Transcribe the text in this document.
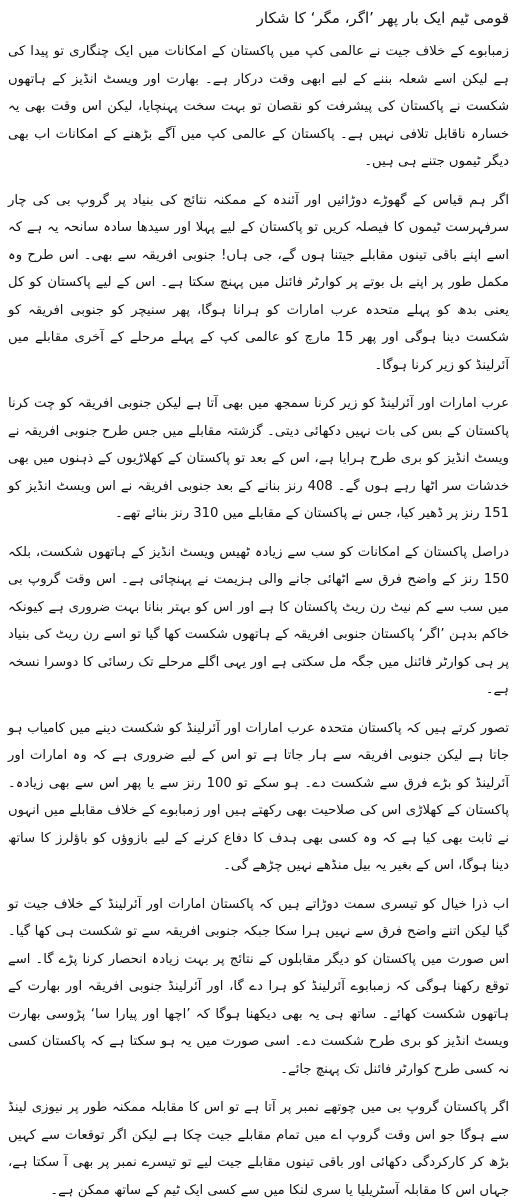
قومی ٹیم ایک بار پھر ’اگر، مگر‘ کا شکار

زمبابوے کے خلاف جیت نے عالمی کپ میں پاکستان کے امکانات میں ایک چنگاری تو پیدا کی ہے لیکن اسے شعلہ بننے کے لیے ابھی وقت درکار ہے۔ بھارت اور ویسٹ انڈیز کے ہاتھوں شکست نے پاکستان کی پیشرفت کو نقصان تو بہت سخت پہنچایا، لیکن اس وقت بھی یہ خسارہ ناقابل تلافی نہیں ہے۔ پاکستان کے عالمی کپ میں آگے بڑھنے کے امکانات اب بھی دیگر ٹیموں جتنے ہی ہیں۔

اگر ہم قیاس کے گھوڑے دوڑائیں اور آئندہ کے ممکنہ نتائج کی بنیاد پر گروپ بی کی چار سرفہرست ٹیموں کا فیصلہ کریں تو پاکستان کے لیے پہلا اور سیدھا سادہ سانحہ یہ ہے کہ اسے اپنے باقی تینوں مقابلے جیتنا ہوں گے، جی ہاں! جنوبی افریقہ سے بھی۔ اس طرح وہ مکمل طور پر اپنے بل بوتے پر کوارٹر فائنل میں پہنچ سکتا ہے۔ اس کے لیے پاکستان کو کل یعنی بدھ کو پہلے متحدہ عرب امارات کو ہرانا ہوگا، پھر سنیچر کو جنوبی افریقہ کو شکست دینا ہوگی اور پھر 15 مارچ کو عالمی کپ کے پہلے مرحلے کے آخری مقابلے میں آئرلینڈ کو زیر کرنا ہوگا۔

عرب امارات اور آئرلینڈ کو زیر کرنا سمجھ میں بھی آتا ہے لیکن جنوبی افریقہ کو چت کرنا پاکستان کے بس کی بات نہیں دکھائی دیتی۔ گزشتہ مقابلے میں جس طرح جنوبی افریقہ نے ویسٹ انڈیز کو بری طرح ہرایا ہے، اس کے بعد تو پاکستان کے کھلاڑیوں کے ذہنوں میں بھی خدشات سر اٹھا رہے ہوں گے۔ 408 رنز بنانے کے بعد جنوبی افریقہ نے اس ویسٹ انڈیز کو 151 رنز پر ڈھیر کیا، جس نے پاکستان کے مقابلے میں 310 رنز بنائے تھے۔

دراصل پاکستان کے امکانات کو سب سے زیادہ ٹھیس ویسٹ انڈیز کے ہاتھوں شکست، بلکہ 150 رنز کے واضح فرق سے اٹھائی جانے والی ہزیمت نے پہنچائی ہے۔ اس وقت گروپ بی میں سب سے کم نیٹ رن ریٹ پاکستان کا ہے اور اس کو بہتر بنانا بہت ضروری ہے کیونکہ خاکم بدہن ’اگر‘ پاکستان جنوبی افریقہ کے ہاتھوں شکست کھا گیا تو اسے رن ریٹ کی بنیاد پر ہی کوارٹر فائنل میں جگہ مل سکتی ہے اور یہی اگلے مرحلے تک رسائی کا دوسرا نسخہ ہے۔

تصور کرتے ہیں کہ پاکستان متحدہ عرب امارات اور آئرلینڈ کو شکست دینے میں کامیاب ہو جاتا ہے لیکن جنوبی افریقہ سے ہار جاتا ہے تو اس کے لیے ضروری ہے کہ وہ امارات اور آئرلینڈ کو بڑے فرق سے شکست دے۔ ہو سکے تو 100 رنز سے یا پھر اس سے بھی زیادہ۔ پاکستان کے کھلاڑی اس کی صلاحیت بھی رکھتے ہیں اور زمبابوے کے خلاف مقابلے میں انہوں نے ثابت بھی کیا ہے کہ وہ کسی بھی ہدف کا دفاع کرنے کے لیے بازوؤں کو باؤلرز کا ساتھ دینا ہوگا، اس کے بغیر یہ بیل منڈھے نہیں چڑھے گی۔

اب ذرا خیال کو تیسری سمت دوڑاتے ہیں کہ پاکستان امارات اور آئرلینڈ کے خلاف جیت تو گیا لیکن اتنے واضح فرق سے نہیں ہرا سکا جبکہ جنوبی افریقہ سے تو شکست ہی کھا گیا۔ اس صورت میں پاکستان کو دیگر مقابلوں کے نتائج پر بہت زیادہ انحصار کرنا پڑے گا۔ اسے توقع رکھنا ہوگی کہ زمبابوے آئرلینڈ کو ہرا دے گا، اور آئرلینڈ جنوبی افریقہ اور بھارت کے ہاتھوں شکست کھائے۔ ساتھ ہی یہ بھی دیکھنا ہوگا کہ ’اچھا اور پیارا سا‘ پڑوسی بھارت ویسٹ انڈیز کو بری طرح شکست دے۔ اسی صورت میں یہ ہو سکتا ہے کہ پاکستان کسی نہ کسی طرح کوارٹر فائنل تک پہنچ جائے۔

اگر پاکستان گروپ بی میں چوتھے نمبر پر آتا ہے تو اس کا مقابلہ ممکنہ طور پر نیوزی لینڈ سے ہوگا جو اس وقت گروپ اے میں تمام مقابلے جیت چکا ہے لیکن اگر توقعات سے کہیں بڑھ کر کارکردگی دکھائی اور باقی تینوں مقابلے جیت لیے تو تیسرے نمبر پر بھی آ سکتا ہے، جہاں اس کا مقابلہ آسٹریلیا یا سری لنکا میں سے کسی ایک ٹیم کے ساتھ ممکن ہے۔
